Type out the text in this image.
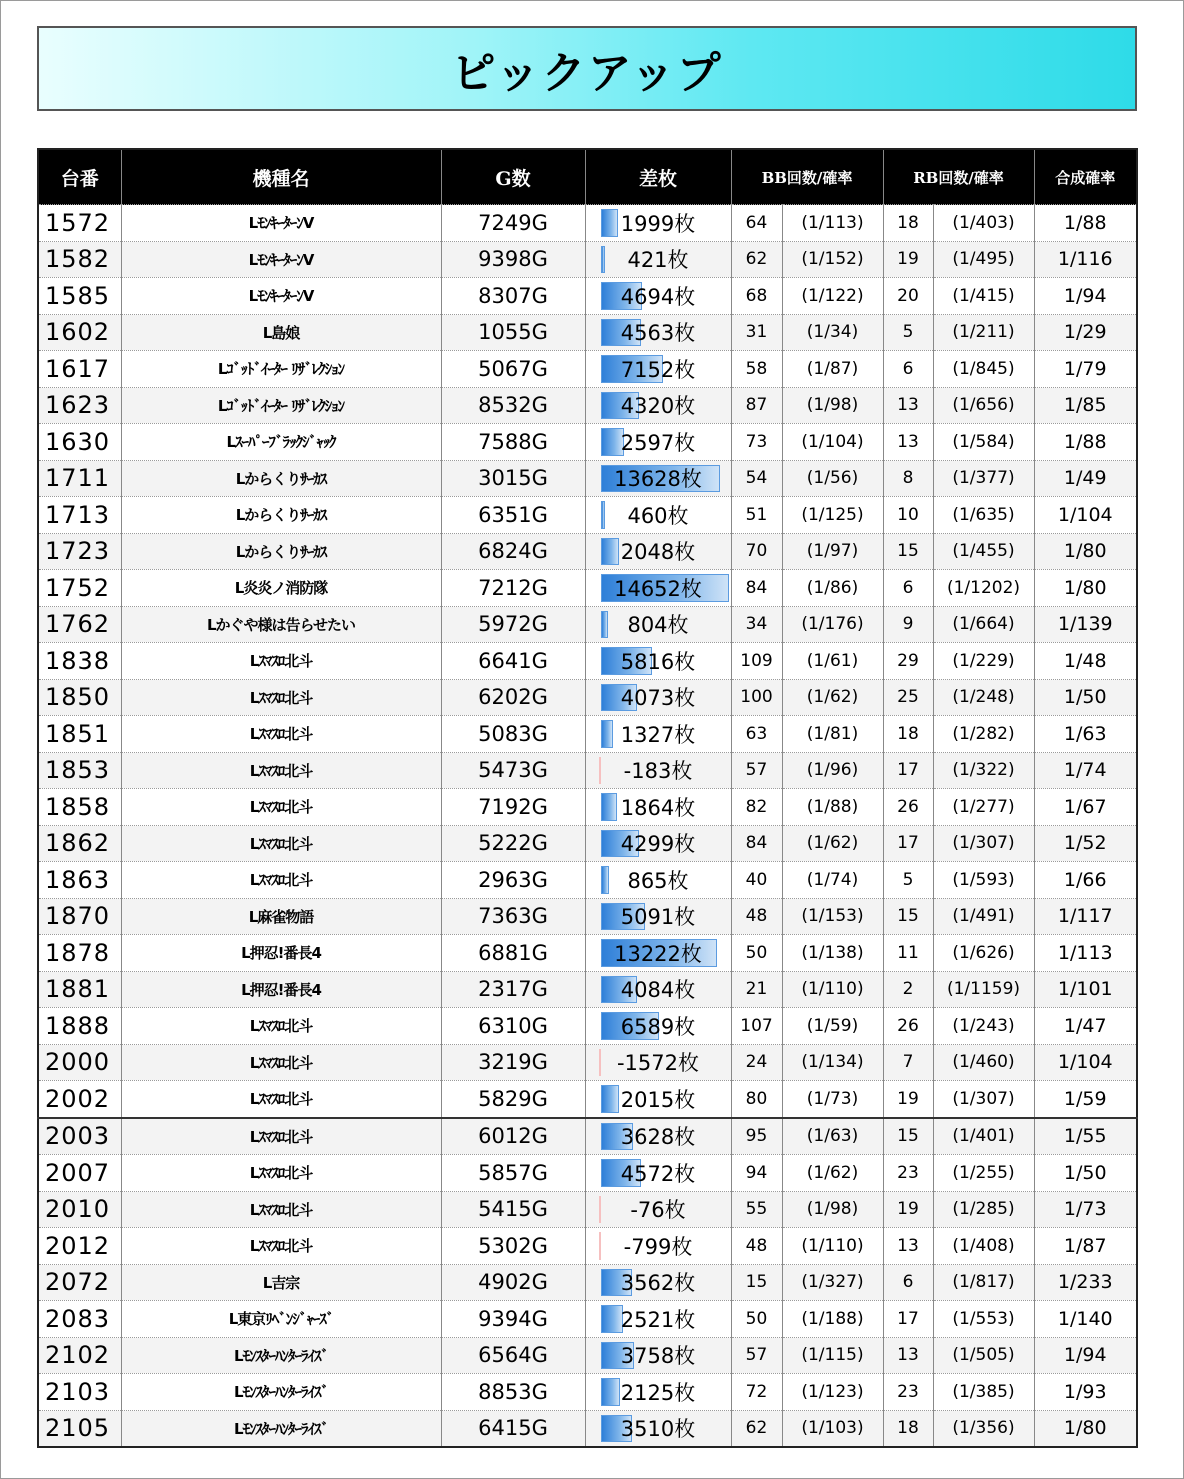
ピックアップ
台番	機種名	G数	差枚	BB回数/確率		RB回数/確率		合成確率
1572	LﾓﾝｷｰﾀｰﾝⅤ	7249G	1999枚	64	(1/113)	18	(1/403)	1/88
1582	LﾓﾝｷｰﾀｰﾝⅤ	9398G	421枚	62	(1/152)	19	(1/495)	1/116
1585	LﾓﾝｷｰﾀｰﾝⅤ	8307G	4694枚	68	(1/122)	20	(1/415)	1/94
1602	L島娘	1055G	4563枚	31	(1/34)	5	(1/211)	1/29
1617	Lｺﾞｯﾄﾞｲｰﾀｰ ﾘｻﾞﾚｸｼｮﾝ	5067G	7152枚	58	(1/87)	6	(1/845)	1/79
1623	Lｺﾞｯﾄﾞｲｰﾀｰ ﾘｻﾞﾚｸｼｮﾝ	8532G	4320枚	87	(1/98)	13	(1/656)	1/85
1630	Lｽｰﾊﾟｰﾌﾞﾗｯｸｼﾞｬｯｸ	7588G	2597枚	73	(1/104)	13	(1/584)	1/88
1711	Lからくりｻｰｶｽ	3015G	13628枚	54	(1/56)	8	(1/377)	1/49
1713	Lからくりｻｰｶｽ	6351G	460枚	51	(1/125)	10	(1/635)	1/104
1723	Lからくりｻｰｶｽ	6824G	2048枚	70	(1/97)	15	(1/455)	1/80
1752	L炎炎ノ消防隊	7212G	14652枚	84	(1/86)	6	(1/1202)	1/80
1762	Lかぐや様は告らせたい	5972G	804枚	34	(1/176)	9	(1/664)	1/139
1838	Lｽﾏｽﾛ北斗	6641G	5816枚	109	(1/61)	29	(1/229)	1/48
1850	Lｽﾏｽﾛ北斗	6202G	4073枚	100	(1/62)	25	(1/248)	1/50
1851	Lｽﾏｽﾛ北斗	5083G	1327枚	63	(1/81)	18	(1/282)	1/63
1853	Lｽﾏｽﾛ北斗	5473G	-183枚	57	(1/96)	17	(1/322)	1/74
1858	Lｽﾏｽﾛ北斗	7192G	1864枚	82	(1/88)	26	(1/277)	1/67
1862	Lｽﾏｽﾛ北斗	5222G	4299枚	84	(1/62)	17	(1/307)	1/52
1863	Lｽﾏｽﾛ北斗	2963G	865枚	40	(1/74)	5	(1/593)	1/66
1870	L麻雀物語	7363G	5091枚	48	(1/153)	15	(1/491)	1/117
1878	L押忍!番長4	6881G	13222枚	50	(1/138)	11	(1/626)	1/113
1881	L押忍!番長4	2317G	4084枚	21	(1/110)	2	(1/1159)	1/101
1888	Lｽﾏｽﾛ北斗	6310G	6589枚	107	(1/59)	26	(1/243)	1/47
2000	Lｽﾏｽﾛ北斗	3219G	-1572枚	24	(1/134)	7	(1/460)	1/104
2002	Lｽﾏｽﾛ北斗	5829G	2015枚	80	(1/73)	19	(1/307)	1/59
2003	Lｽﾏｽﾛ北斗	6012G	3628枚	95	(1/63)	15	(1/401)	1/55
2007	Lｽﾏｽﾛ北斗	5857G	4572枚	94	(1/62)	23	(1/255)	1/50
2010	Lｽﾏｽﾛ北斗	5415G	-76枚	55	(1/98)	19	(1/285)	1/73
2012	Lｽﾏｽﾛ北斗	5302G	-799枚	48	(1/110)	13	(1/408)	1/87
2072	L吉宗	4902G	3562枚	15	(1/327)	6	(1/817)	1/233
2083	L東京ﾘﾍﾞﾝｼﾞｬｰｽﾞ	9394G	2521枚	50	(1/188)	17	(1/553)	1/140
2102	Lﾓﾝｽﾀｰﾊﾝﾀｰﾗｲｽﾞ	6564G	3758枚	57	(1/115)	13	(1/505)	1/94
2103	Lﾓﾝｽﾀｰﾊﾝﾀｰﾗｲｽﾞ	8853G	2125枚	72	(1/123)	23	(1/385)	1/93
2105	Lﾓﾝｽﾀｰﾊﾝﾀｰﾗｲｽﾞ	6415G	3510枚	62	(1/103)	18	(1/356)	1/80
